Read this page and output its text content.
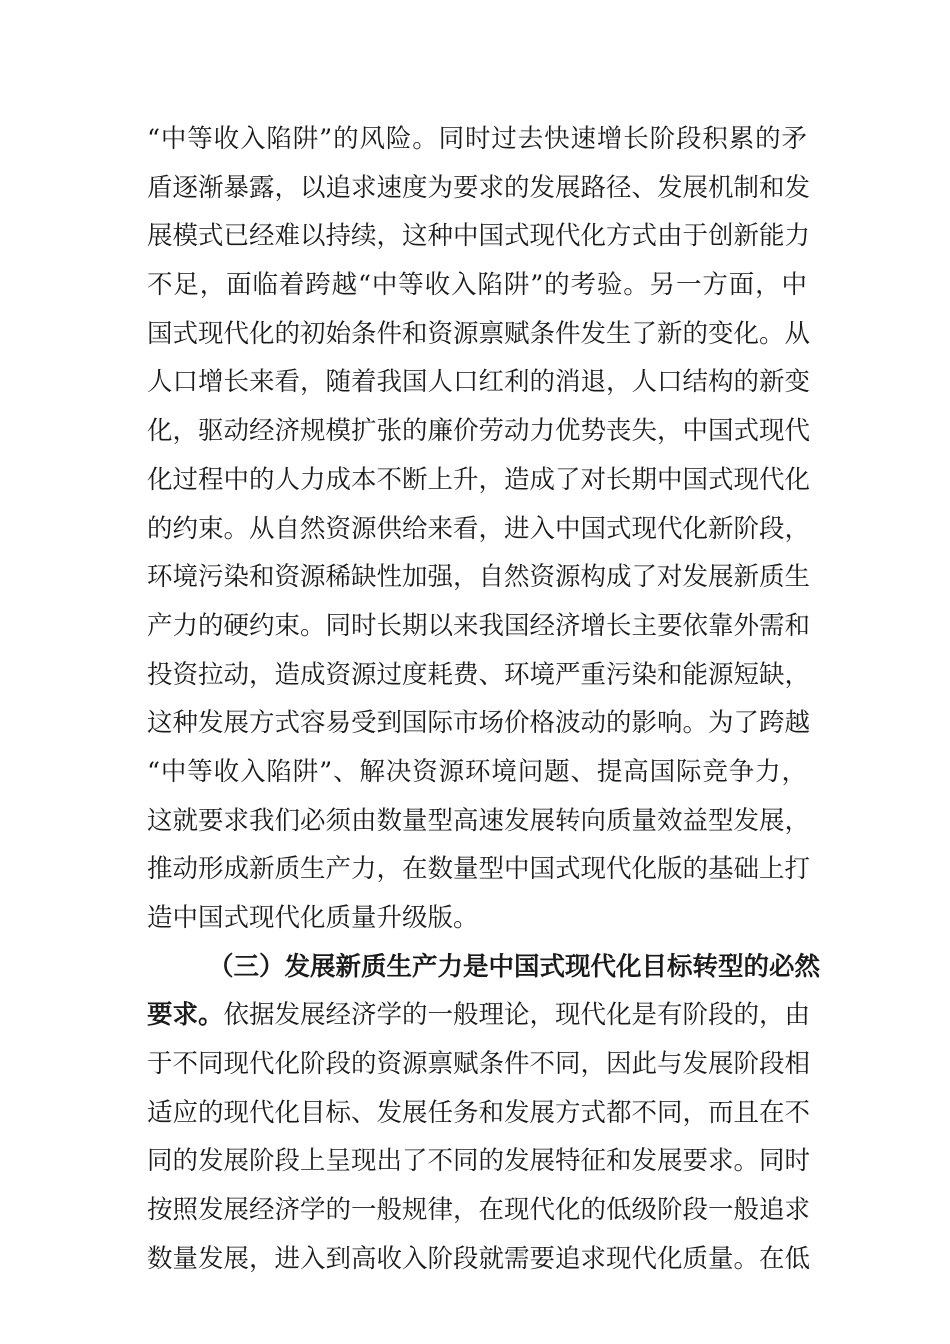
“中等收入陷阱”的风险。同时过去快速增长阶段积累的矛
盾逐渐暴露，以追求速度为要求的发展路径、发展机制和发
展模式已经难以持续，这种中国式现代化方式由于创新能力
不足，面临着跨越“中等收入陷阱”的考验。另一方面，中
国式现代化的初始条件和资源禀赋条件发生了新的变化。从
人口增长来看，随着我国人口红利的消退，人口结构的新变
化，驱动经济规模扩张的廉价劳动力优势丧失，中国式现代
化过程中的人力成本不断上升，造成了对长期中国式现代化
的约束。从自然资源供给来看，进入中国式现代化新阶段，
环境污染和资源稀缺性加强，自然资源构成了对发展新质生
产力的硬约束。同时长期以来我国经济增长主要依靠外需和
投资拉动，造成资源过度耗费、环境严重污染和能源短缺，
这种发展方式容易受到国际市场价格波动的影响。为了跨越
“中等收入陷阱”、解决资源环境问题、提高国际竞争力，
这就要求我们必须由数量型高速发展转向质量效益型发展，
推动形成新质生产力，在数量型中国式现代化版的基础上打
造中国式现代化质量升级版。
（三）发展新质生产力是中国式现代化目标转型的必然
要求。依据发展经济学的一般理论，现代化是有阶段的，由
于不同现代化阶段的资源禀赋条件不同，因此与发展阶段相
适应的现代化目标、发展任务和发展方式都不同，而且在不
同的发展阶段上呈现出了不同的发展特征和发展要求。同时
按照发展经济学的一般规律，在现代化的低级阶段一般追求
数量发展，进入到高收入阶段就需要追求现代化质量。在低
